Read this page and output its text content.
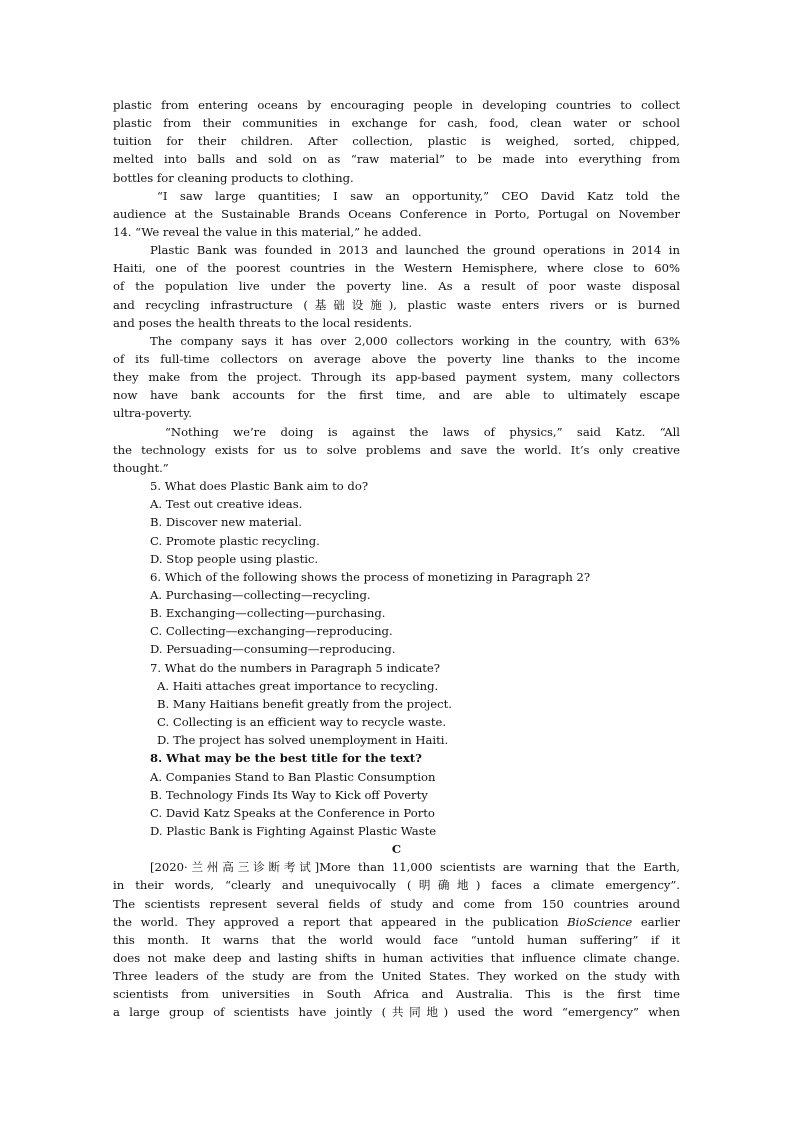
plastic from entering oceans by encouraging people in developing countries to collect
plastic from their communities in exchange for cash, food, clean water or school
tuition for their children. After collection, plastic is weighed, sorted, chipped,
melted into balls and sold on as “raw material” to be made into everything from
bottles for cleaning products to clothing.
“I saw large quantities; I saw an opportunity,” CEO David Katz told the
audience at the Sustainable Brands Oceans Conference in Porto, Portugal on November
14. “We reveal the value in this material,” he added.
Plastic Bank was founded in 2013 and launched the ground operations in 2014 in
Haiti, one of the poorest countries in the Western Hemisphere, where close to 60%
of the population live under the poverty line. As a result of poor waste disposal
and recycling infrastructure (基础设施), plastic waste enters rivers or is burned
and poses the health threats to the local residents.
The company says it has over 2,000 collectors working in the country, with 63%
of its full-time collectors on average above the poverty line thanks to the income
they make from the project. Through its app-based payment system, many collectors
now have bank accounts for the first time, and are able to ultimately escape
ultra-poverty.
“Nothing we’re doing is against the laws of physics,” said Katz. “All
the technology exists for us to solve problems and save the world. It’s only creative
thought.”
5. What does Plastic Bank aim to do?
A. Test out creative ideas.
B. Discover new material.
C. Promote plastic recycling.
D. Stop people using plastic.
6. Which of the following shows the process of monetizing in Paragraph 2?
A. Purchasing—collecting—recycling.
B. Exchanging—collecting—purchasing.
C. Collecting—exchanging—reproducing.
D. Persuading—consuming—reproducing.
7. What do the numbers in Paragraph 5 indicate?
A. Haiti attaches great importance to recycling.
B. Many Haitians benefit greatly from the project.
C. Collecting is an efficient way to recycle waste.
D. The project has solved unemployment in Haiti.
8. What may be the best title for the text?
A. Companies Stand to Ban Plastic Consumption
B. Technology Finds Its Way to Kick off Poverty
C. David Katz Speaks at the Conference in Porto
D. Plastic Bank is Fighting Against Plastic Waste
C
[2020·兰州高三诊断考试]More than 11,000 scientists are warning that the Earth,
in their words, “clearly and unequivocally (明确地) faces a climate emergency”.
The scientists represent several fields of study and come from 150 countries around
the world. They approved a report that appeared in the publication BioScience earlier
this month. It warns that the world would face “untold human suffering” if it
does not make deep and lasting shifts in human activities that influence climate change.
Three leaders of the study are from the United States. They worked on the study with
scientists from universities in South Africa and Australia. This is the first time
a large group of scientists have jointly (共同地) used the word “emergency” when
